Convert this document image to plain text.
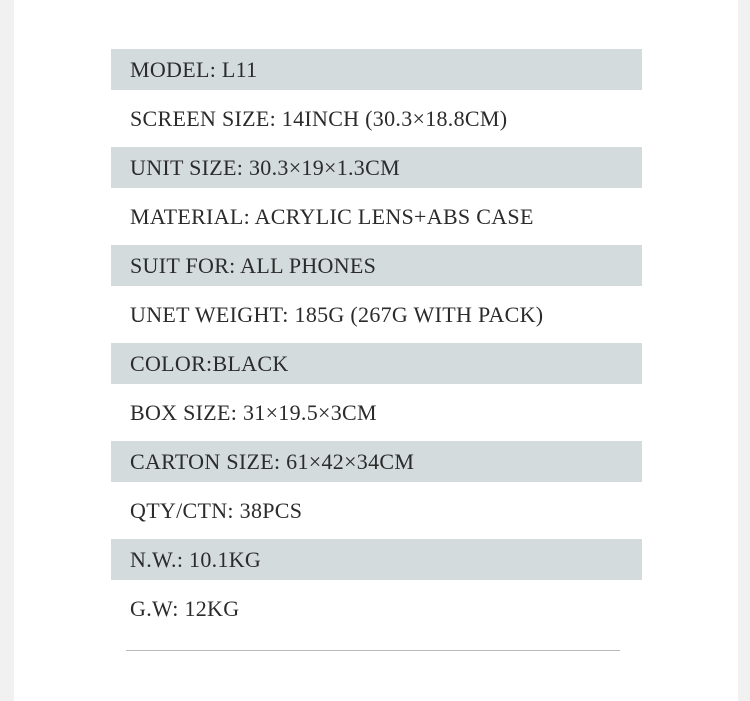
MODEL: L11
SCREEN SIZE: 14INCH (30.3×18.8CM)
UNIT SIZE: 30.3×19×1.3CM
MATERIAL: ACRYLIC LENS+ABS CASE
SUIT FOR: ALL PHONES
UNET WEIGHT: 185G (267G WITH PACK)
COLOR:BLACK
BOX SIZE: 31×19.5×3CM
CARTON SIZE: 61×42×34CM
QTY/CTN: 38PCS
N.W.: 10.1KG
G.W: 12KG
